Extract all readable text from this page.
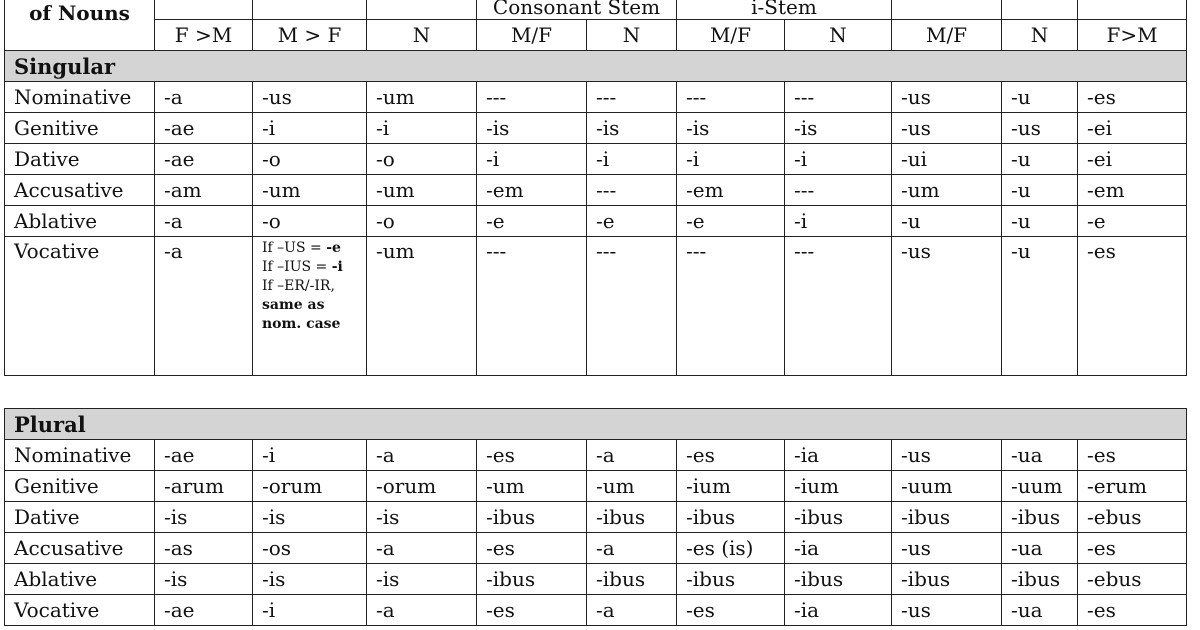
of Nouns				Consonant Stem		i-Stem				
	F >M	M > F	N	M/F	N	M/F	N	M/F	N	F>M
Singular										
Nominative	-a	-us	-um	---	---	---	---	-us	-u	-es
Genitive	-ae	-i	-i	-is	-is	-is	-is	-us	-us	-ei
Dative	-ae	-o	-o	-i	-i	-i	-i	-ui	-u	-ei
Accusative	-am	-um	-um	-em	---	-em	---	-um	-u	-em
Ablative	-a	-o	-o	-e	-e	-e	-i	-u	-u	-e
Vocative	-a	If –US = -e
If –IUS = -i
If –ER/-IR,
same as
nom. case	-um	---	---	---	---	-us	-u	-es
Plural										
Nominative	-ae	-i	-a	-es	-a	-es	-ia	-us	-ua	-es
Genitive	-arum	-orum	-orum	-um	-um	-ium	-ium	-uum	-uum	-erum
Dative	-is	-is	-is	-ibus	-ibus	-ibus	-ibus	-ibus	-ibus	-ebus
Accusative	-as	-os	-a	-es	-a	-es (is)	-ia	-us	-ua	-es
Ablative	-is	-is	-is	-ibus	-ibus	-ibus	-ibus	-ibus	-ibus	-ebus
Vocative	-ae	-i	-a	-es	-a	-es	-ia	-us	-ua	-es
